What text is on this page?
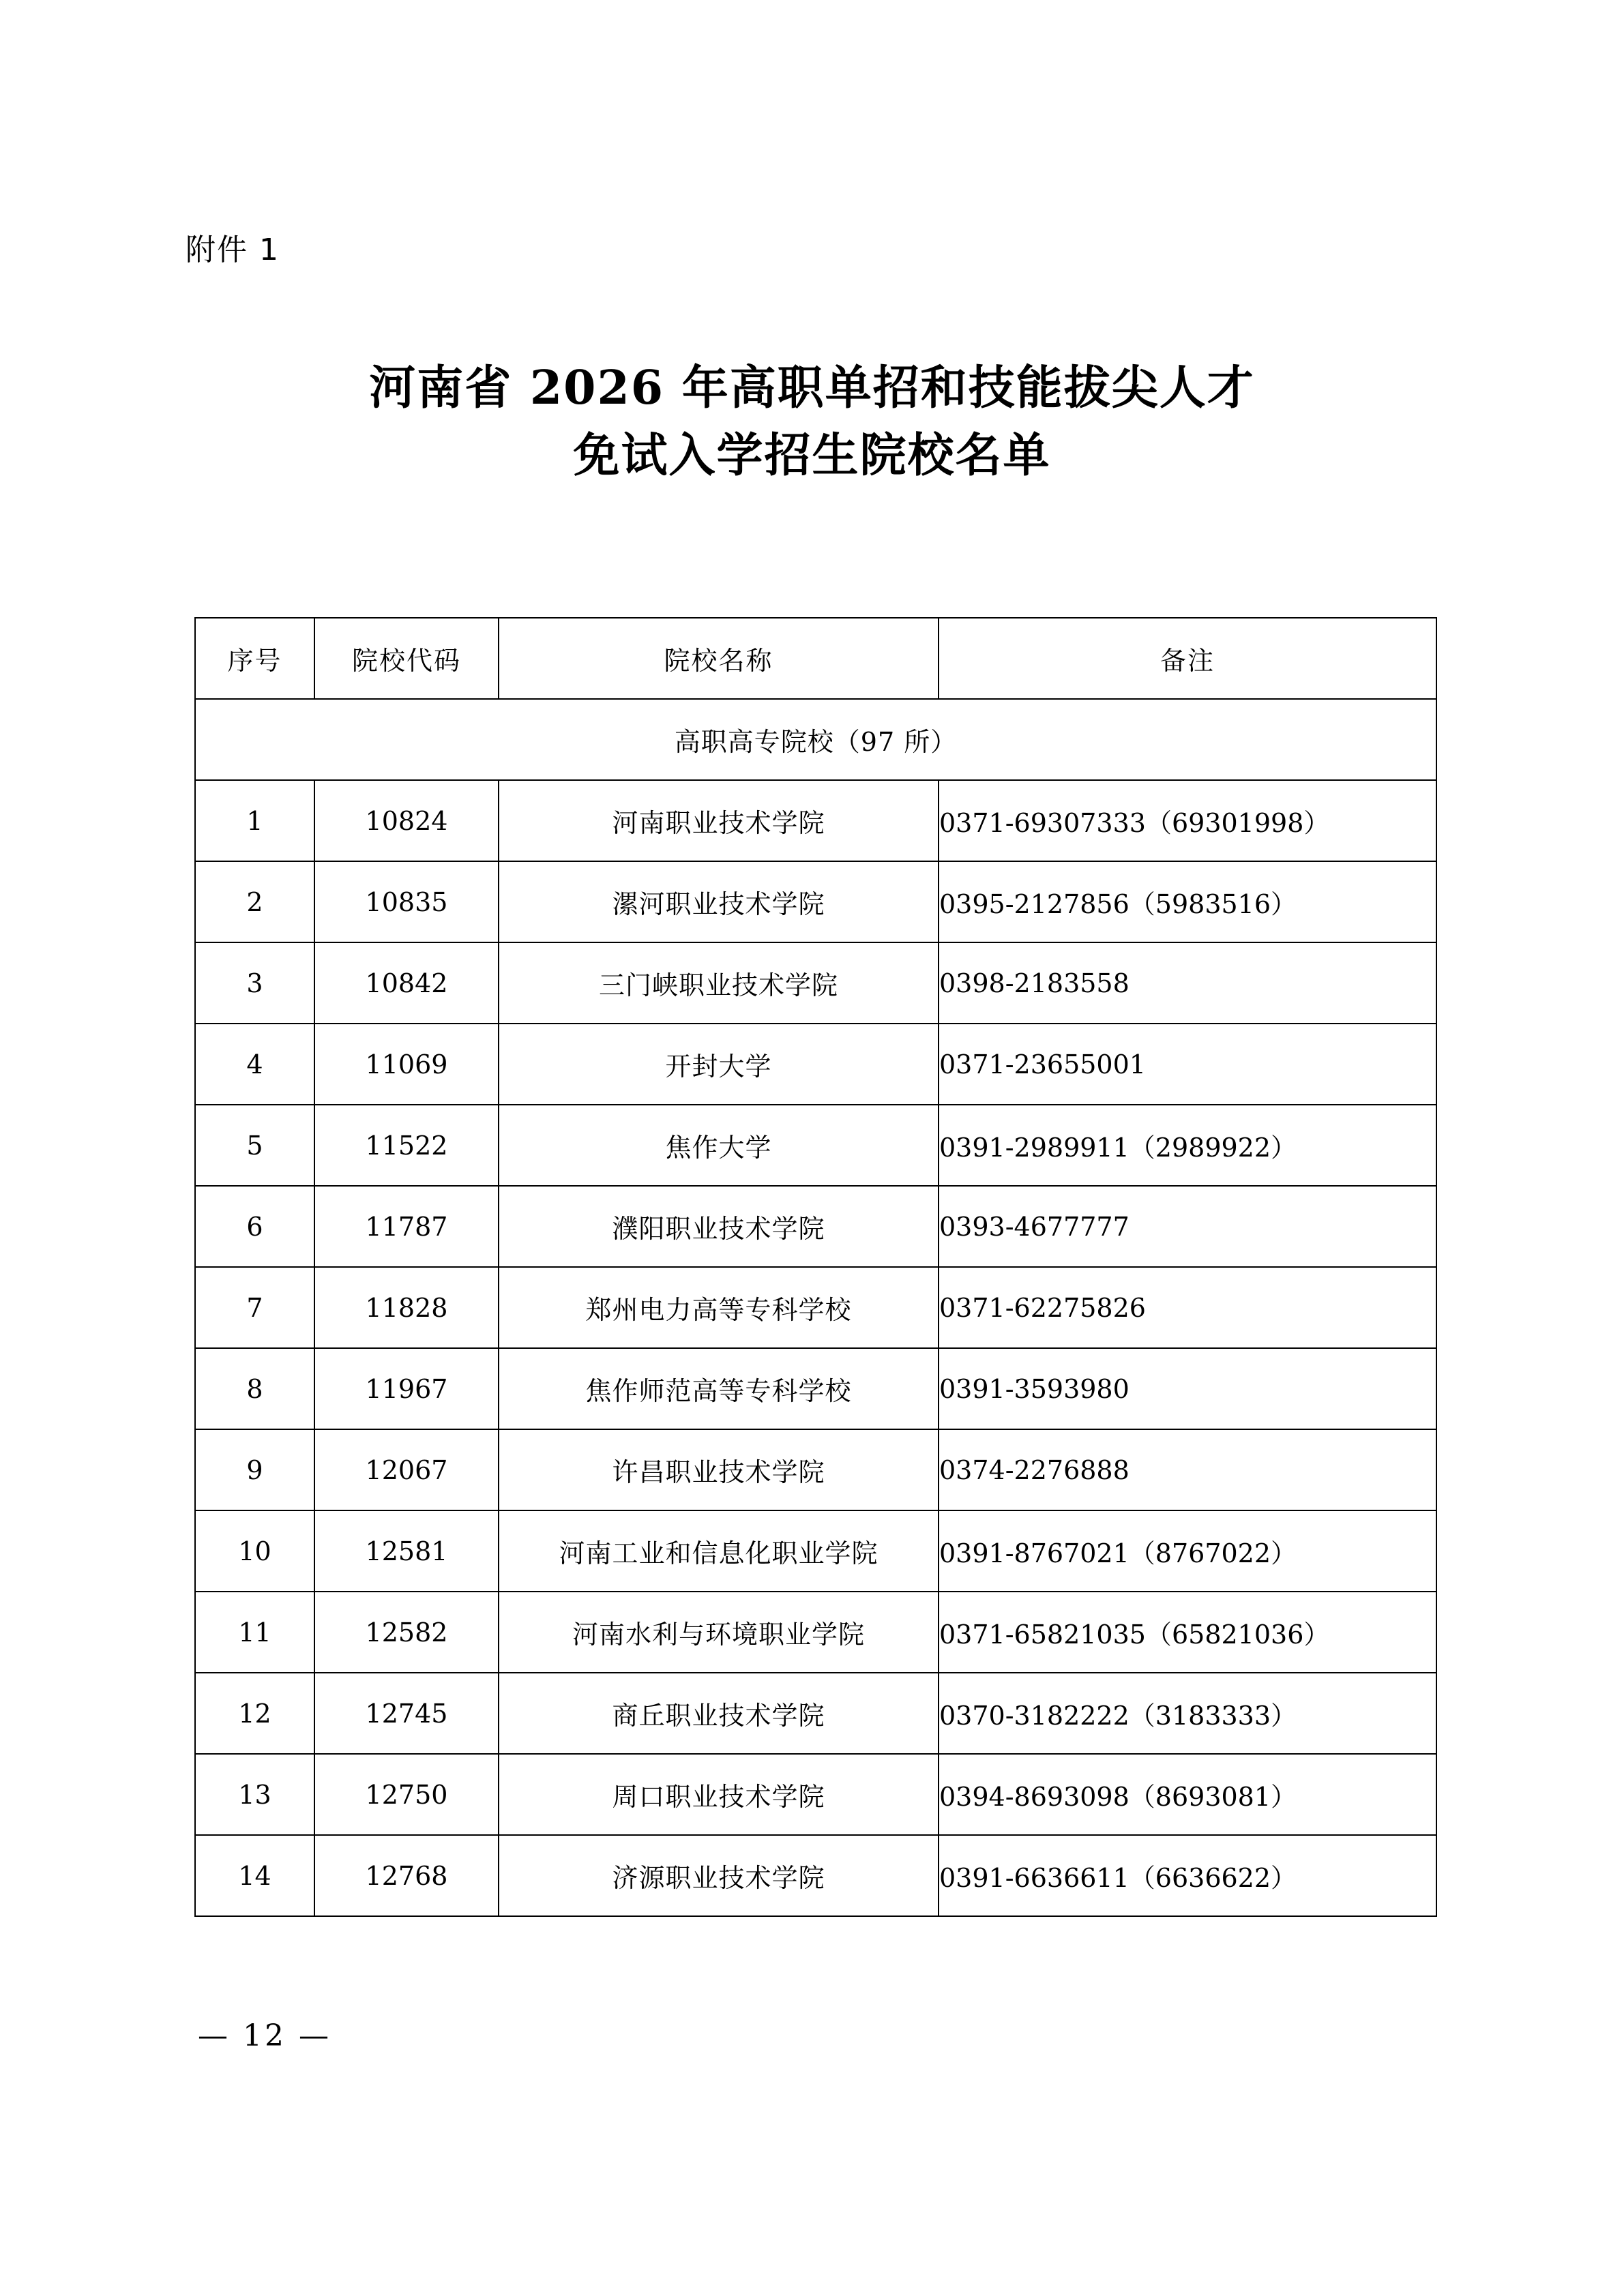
附件 1
河南省 2026 年高职单招和技能拔尖人才
免试入学招生院校名单
序号	院校代码	院校名称	备注
高职高专院校（97 所）			
1	10824	河南职业技术学院	0371-69307333（69301998）
2	10835	漯河职业技术学院	0395-2127856（5983516）
3	10842	三门峡职业技术学院	0398-2183558
4	11069	开封大学	0371-23655001
5	11522	焦作大学	0391-2989911（2989922）
6	11787	濮阳职业技术学院	0393-4677777
7	11828	郑州电力高等专科学校	0371-62275826
8	11967	焦作师范高等专科学校	0391-3593980
9	12067	许昌职业技术学院	0374-2276888
10	12581	河南工业和信息化职业学院	0391-8767021（8767022）
11	12582	河南水利与环境职业学院	0371-65821035（65821036）
12	12745	商丘职业技术学院	0370-3182222（3183333）
13	12750	周口职业技术学院	0394-8693098（8693081）
14	12768	济源职业技术学院	0391-6636611（6636622）
— 12 —
